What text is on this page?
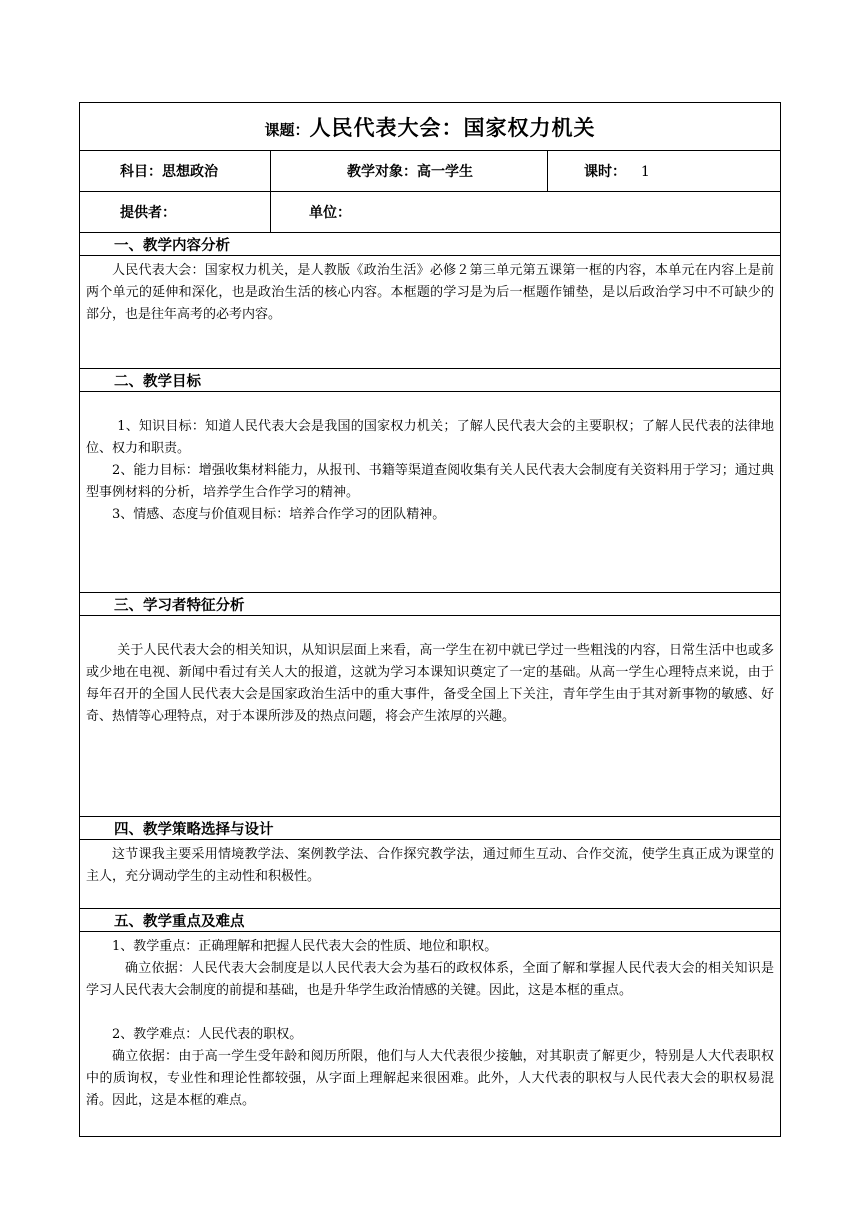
课题：人民代表大会：国家权力机关		
科目：思想政治	教学对象：高一学生	课时： 1
提供者：	单位：	
一、教学内容分析		

人民代表大会：国家权力机关，是人教版《政治生活》必修２第三单元第五课第一框的内容，本单元在内容上是前两个单元的延伸和深化，也是政治生活的核心内容。本框题的学习是为后一框题作铺垫，是以后政治学习中不可缺少的部分，也是往年高考的必考内容。		

二、教学目标		

1、知识目标：知道人民代表大会是我国的国家权力机关；了解人民代表大会的主要职权；了解人民代表的法律地位、权力和职责。

2、能力目标：增强收集材料能力，从报刊、书籍等渠道查阅收集有关人民代表大会制度有关资料用于学习；通过典型事例材料的分析，培养学生合作学习的精神。

3、情感、态度与价值观目标：培养合作学习的团队精神。		

三、学习者特征分析		

关于人民代表大会的相关知识，从知识层面上来看，高一学生在初中就已学过一些粗浅的内容，日常生活中也或多或少地在电视、新闻中看过有关人大的报道，这就为学习本课知识奠定了一定的基础。从高一学生心理特点来说，由于每年召开的全国人民代表大会是国家政治生活中的重大事件，备受全国上下关注，青年学生由于其对新事物的敏感、好奇、热情等心理特点，对于本课所涉及的热点问题，将会产生浓厚的兴趣。		

四、教学策略选择与设计		

这节课我主要采用情境教学法、案例教学法、合作探究教学法，通过师生互动、合作交流，使学生真正成为课堂的主人，充分调动学生的主动性和积极性。		

五、教学重点及难点		

1、教学重点：正确理解和把握人民代表大会的性质、地位和职权。

确立依据：人民代表大会制度是以人民代表大会为基石的政权体系，全面了解和掌握人民代表大会的相关知识是学习人民代表大会制度的前提和基础，也是升华学生政治情感的关键。因此，这是本框的重点。

2、教学难点：人民代表的职权。

确立依据：由于高一学生受年龄和阅历所限，他们与人大代表很少接触，对其职责了解更少，特别是人大代表职权中的质询权，专业性和理论性都较强，从字面上理解起来很困难。此外，人大代表的职权与人民代表大会的职权易混淆。因此，这是本框的难点。		
